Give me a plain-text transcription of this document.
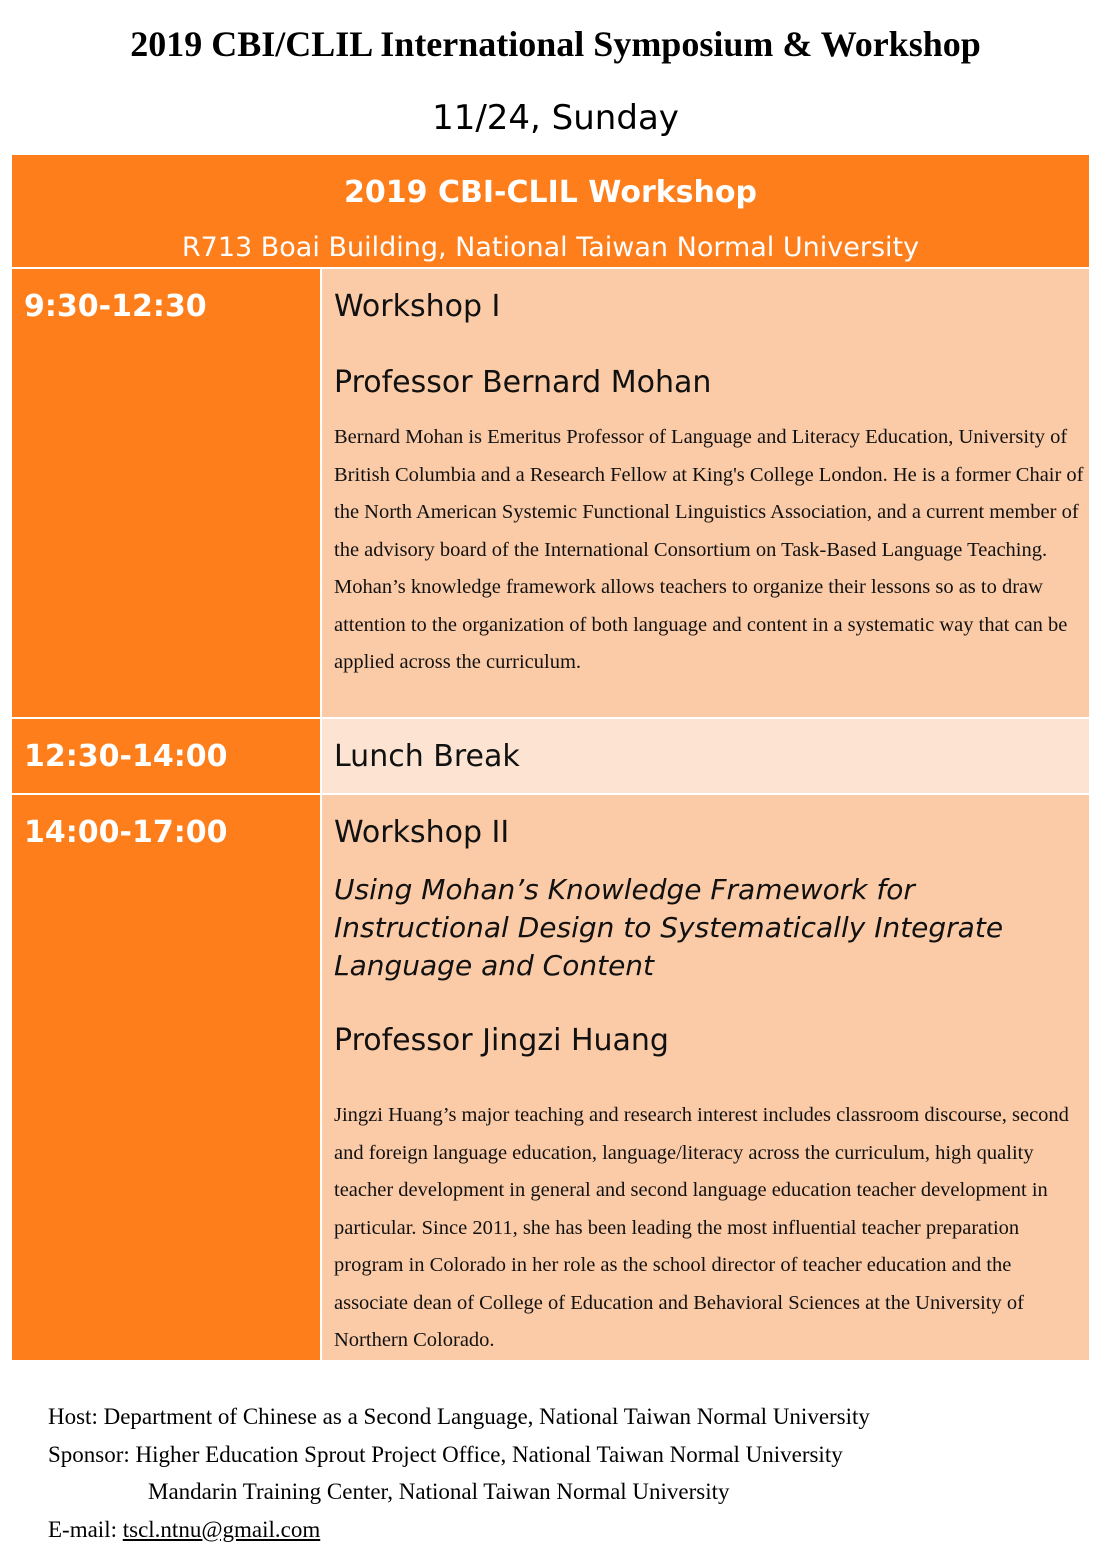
2019 CBI/CLIL International Symposium & Workshop
11/24, Sunday
2019 CBI-CLIL Workshop
R713 Boai Building, National Taiwan Normal University
9:30-12:30	Workshop I
Professor Bernard Mohan

Bernard Mohan is Emeritus Professor of Language and Literacy Education, University of British Columbia and a Research Fellow at King's College London. He is a former Chair of the North American Systemic Functional Linguistics Association, and a current member of the advisory board of the International Consortium on Task-Based Language Teaching.

Mohan’s knowledge framework allows teachers to organize their lessons so as to draw attention to the organization of both language and content in a systematic way that can be applied across the curriculum.

12:30-14:00	Lunch Break
14:00-17:00	Workshop II
Using Mohan’s Knowledge Framework for Instructional Design to Systematically Integrate Language and Content
Professor Jingzi Huang

Jingzi Huang’s major teaching and research interest includes classroom discourse, second and foreign language education, language/literacy across the curriculum, high quality teacher development in general and second language education teacher development in particular. Since 2011, she has been leading the most influential teacher preparation program in Colorado in her role as the school director of teacher education and the associate dean of College of Education and Behavioral Sciences at the University of Northern Colorado.

Host: Department of Chinese as a Second Language, National Taiwan Normal University
Sponsor: Higher Education Sprout Project Office, National Taiwan Normal University
Mandarin Training Center, National Taiwan Normal University
E-mail: tscl.ntnu@gmail.com
